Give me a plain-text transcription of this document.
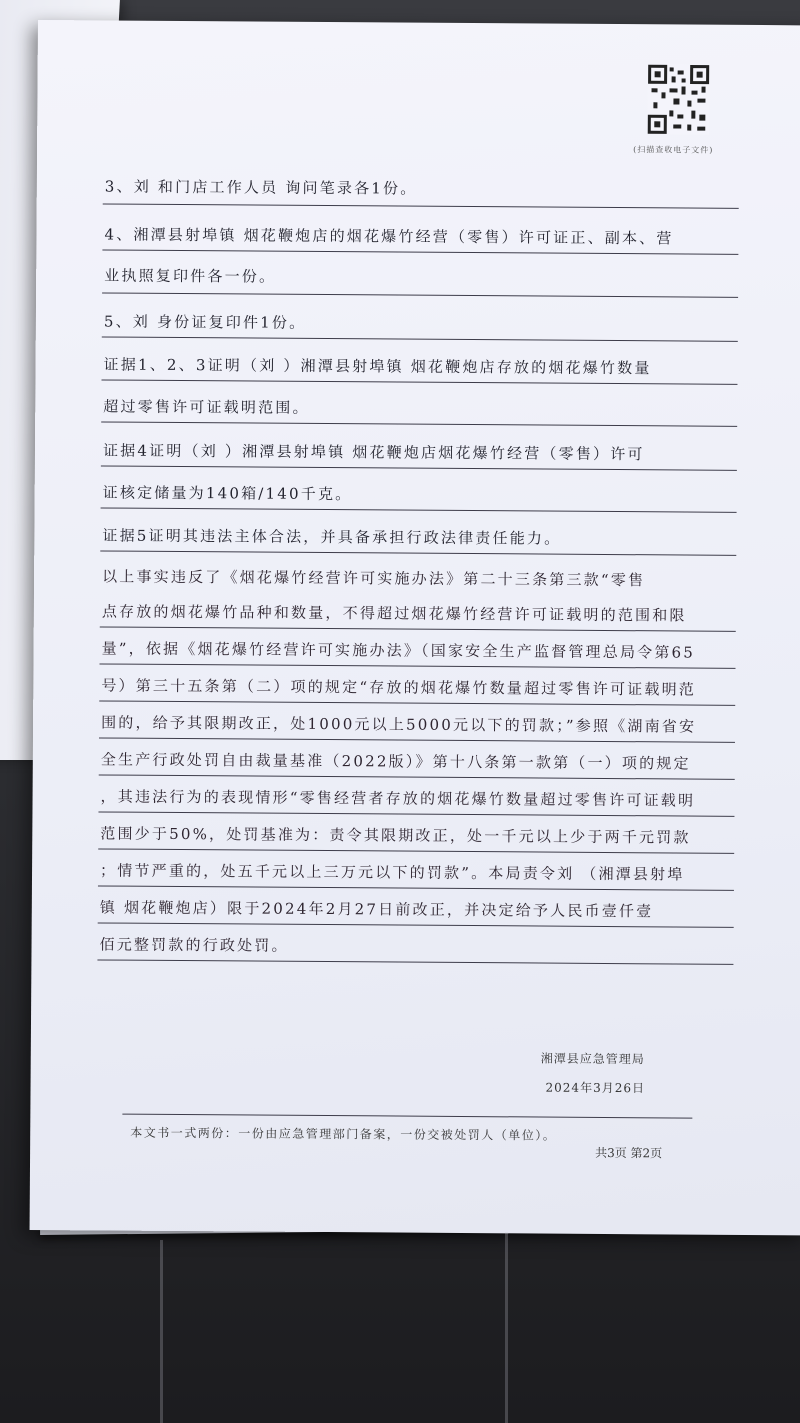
(扫描查收电子文件)
3、刘 和门店工作人员 询问笔录各1份。
4、湘潭县射埠镇 烟花鞭炮店的烟花爆竹经营（零售）许可证正、副本、营
业执照复印件各一份。
5、刘 身份证复印件1份。
证据1、2、3证明（刘 ）湘潭县射埠镇 烟花鞭炮店存放的烟花爆竹数量
超过零售许可证载明范围。
证据4证明（刘 ）湘潭县射埠镇 烟花鞭炮店烟花爆竹经营（零售）许可
证核定储量为140箱/140千克。
证据5证明其违法主体合法，并具备承担行政法律责任能力。
以上事实违反了《烟花爆竹经营许可实施办法》第二十三条第三款“零售
点存放的烟花爆竹品种和数量，不得超过烟花爆竹经营许可证载明的范围和限
量”，依据《烟花爆竹经营许可实施办法》（国家安全生产监督管理总局令第65
号）第三十五条第（二）项的规定“存放的烟花爆竹数量超过零售许可证载明范
围的，给予其限期改正，处1000元以上5000元以下的罚款；”参照《湖南省安
全生产行政处罚自由裁量基准（2022版）》第十八条第一款第（一）项的规定
，其违法行为的表现情形“零售经营者存放的烟花爆竹数量超过零售许可证载明
范围少于50%，处罚基准为：责令其限期改正，处一千元以上少于两千元罚款
；情节严重的，处五千元以上三万元以下的罚款”。本局责令刘 （湘潭县射埠
镇 烟花鞭炮店）限于2024年2月27日前改正，并决定给予人民币壹仟壹
佰元整罚款的行政处罚。
湘潭县应急管理局
2024年3月26日
本文书一式两份：一份由应急管理部门备案，一份交被处罚人（单位）。
共3页 第2页
